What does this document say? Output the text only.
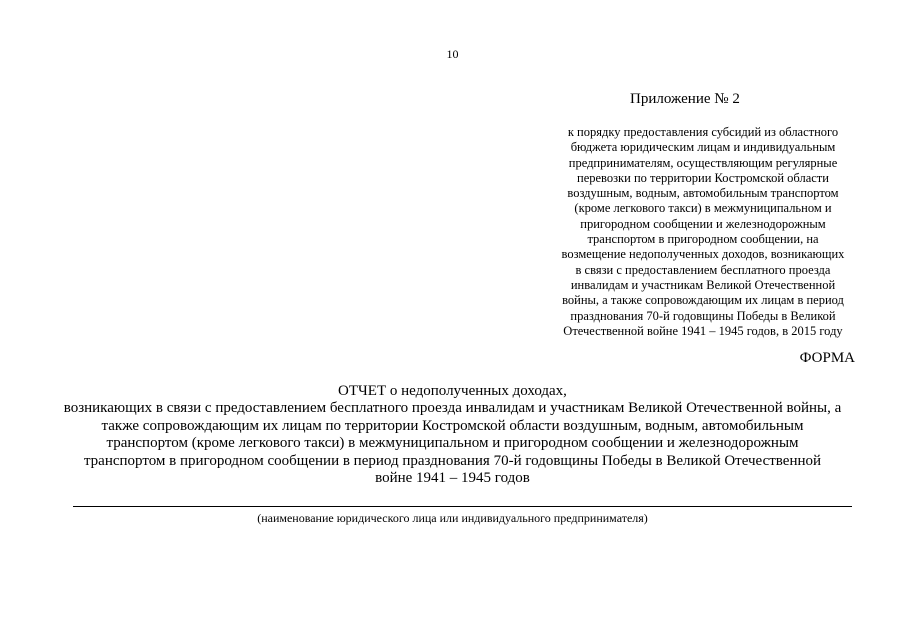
10
Приложение № 2
к порядку предоставления субсидий из областного
бюджета юридическим лицам и индивидуальным
предпринимателям, осуществляющим регулярные
перевозки по территории Костромской области
воздушным, водным, автомобильным транспортом
(кроме легкового такси) в межмуниципальном и
пригородном сообщении и железнодорожным
транспортом в пригородном сообщении, на
возмещение недополученных доходов, возникающих
в связи с предоставлением бесплатного проезда
инвалидам и участникам Великой Отечественной
войны, а также сопровождающим их лицам в период
празднования 70-й годовщины Победы в Великой
Отечественной войне 1941 – 1945 годов, в 2015 году
ФОРМА
ОТЧЕТ о недополученных доходах,
возникающих в связи с предоставлением бесплатного проезда инвалидам и участникам Великой Отечественной войны, а
также сопровождающим их лицам по территории Костромской области воздушным, водным, автомобильным
транспортом (кроме легкового такси) в межмуниципальном и пригородном сообщении и железнодорожным
транспортом в пригородном сообщении в период празднования 70-й годовщины Победы в Великой Отечественной
войне 1941 – 1945 годов
(наименование юридического лица или индивидуального предпринимателя)
